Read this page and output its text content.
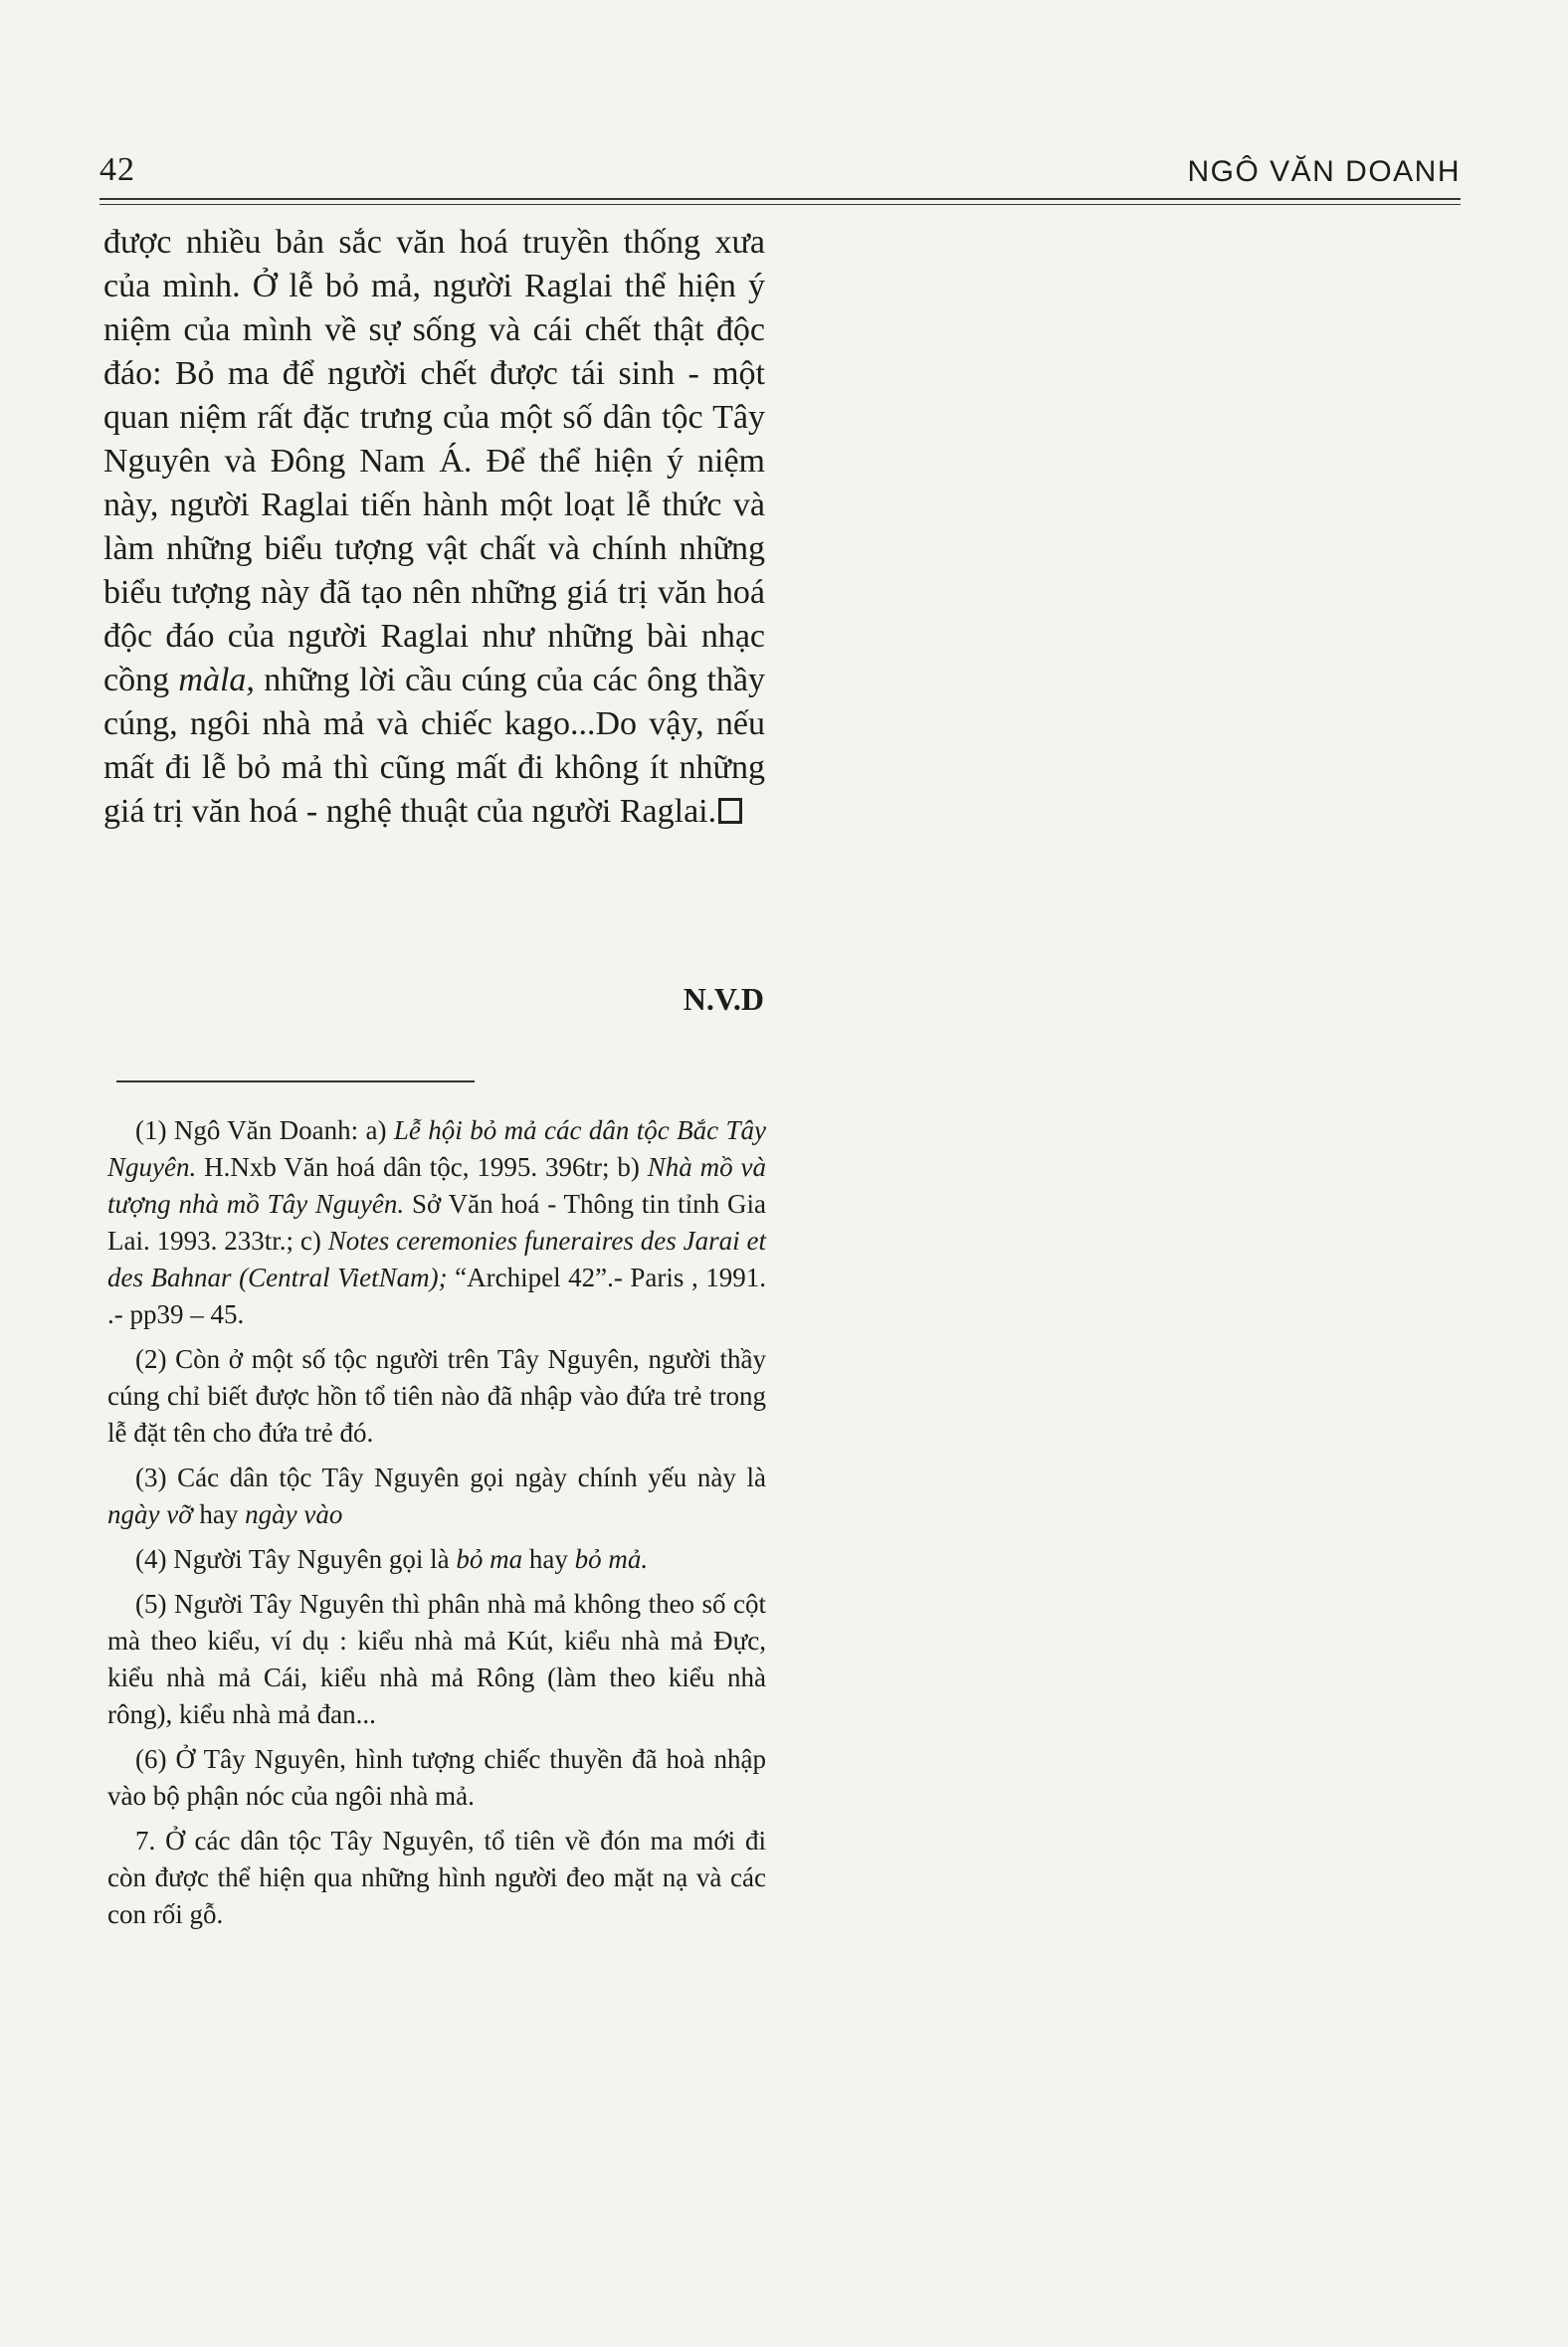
42	NGÔ VĂN DOANH

được nhiều bản sắc văn hoá truyền thống xưa của mình. Ở lễ bỏ mả, người Raglai thể hiện ý niệm của mình về sự sống và cái chết thật độc đáo: Bỏ ma để người chết được tái sinh - một quan niệm rất đặc trưng của một số dân tộc Tây Nguyên và Đông Nam Á. Để thể hiện ý niệm này, người Raglai tiến hành một loạt lễ thức và làm những biểu tượng vật chất và chính những biểu tượng này đã tạo nên những giá trị văn hoá độc đáo của người Raglai như những bài nhạc cồng màla, những lời cầu cúng của các ông thầy cúng, ngôi nhà mả và chiếc kago...Do vậy, nếu mất đi lễ bỏ mả thì cũng mất đi không ít những giá trị văn hoá - nghệ thuật của người Raglai.

N.V.D

(1) Ngô Văn Doanh: a) Lễ hội bỏ mả các dân tộc Bắc Tây Nguyên. H.Nxb Văn hoá dân tộc, 1995. 396tr; b) Nhà mồ và tượng nhà mồ Tây Nguyên. Sở Văn hoá - Thông tin tỉnh Gia Lai. 1993. 233tr.; c) Notes ceremonies funeraires des Jarai et des Bahnar (Central VietNam); “Archipel 42”.- Paris , 1991. .- pp39 – 45.

(2) Còn ở một số tộc người trên Tây Nguyên, người thầy cúng chỉ biết được hồn tổ tiên nào đã nhập vào đứa trẻ trong lễ đặt tên cho đứa trẻ đó.

(3) Các dân tộc Tây Nguyên gọi ngày chính yếu này là ngày vỡ hay ngày vào

(4) Người Tây Nguyên gọi là bỏ ma hay bỏ mả.

(5) Người Tây Nguyên thì phân nhà mả không theo số cột mà theo kiểu, ví dụ : kiểu nhà mả Kút, kiểu nhà mả Đực, kiểu nhà mả Cái, kiểu nhà mả Rông (làm theo kiểu nhà rông), kiểu nhà mả đan...

(6) Ở Tây Nguyên, hình tượng chiếc thuyền đã hoà nhập vào bộ phận nóc của ngôi nhà mả.

7. Ở các dân tộc Tây Nguyên, tổ tiên về đón ma mới đi còn được thể hiện qua những hình người đeo mặt nạ và các con rối gỗ.
